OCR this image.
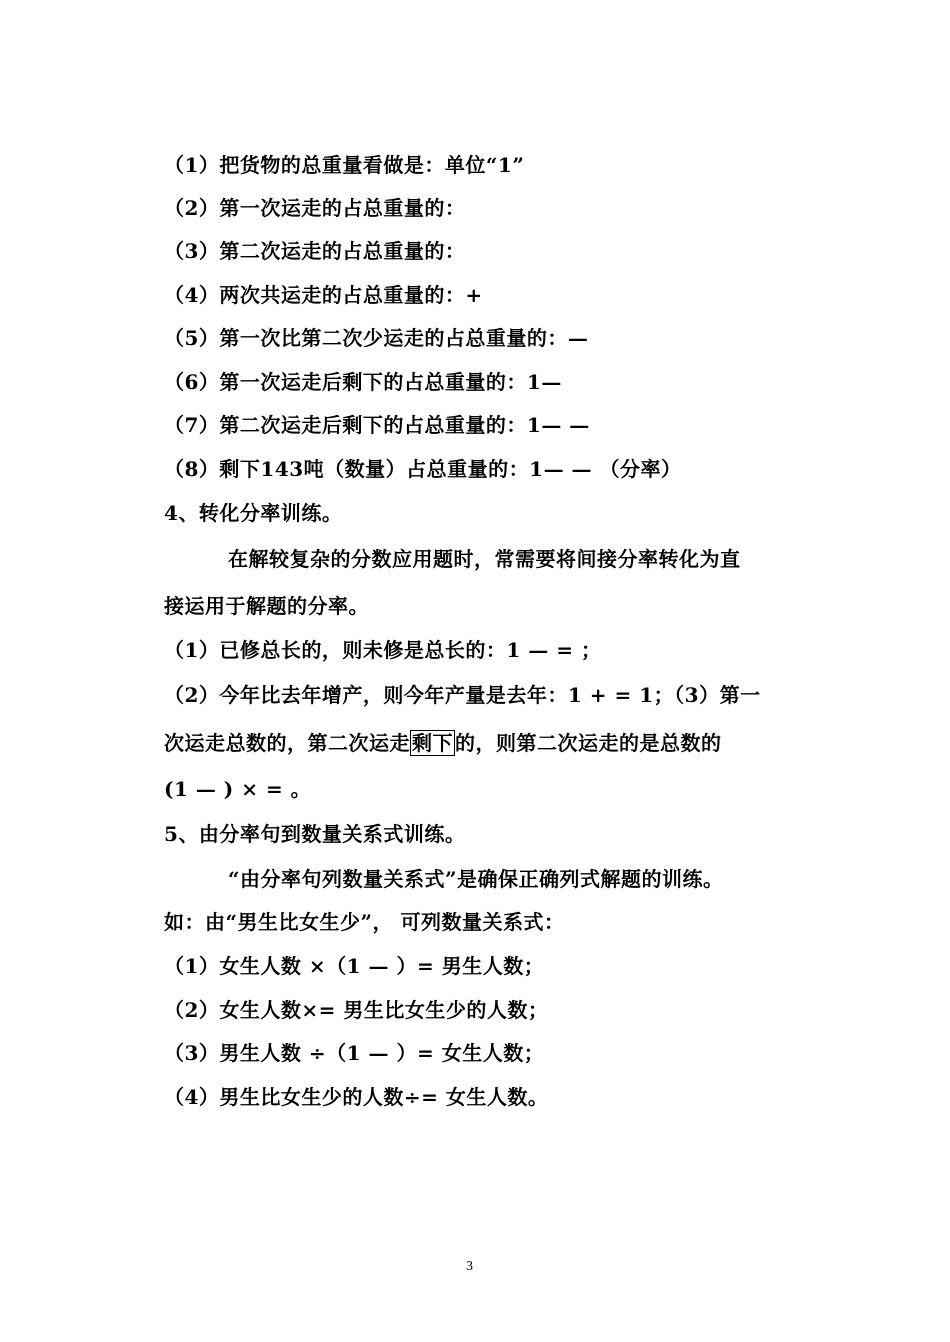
（1）把货物的总重量看做是：单位“1”
（2）第一次运走的占总重量的：
（3）第二次运走的占总重量的：
（4）两次共运走的占总重量的：+
（5）第一次比第二次少运走的占总重量的：—
（6）第一次运走后剩下的占总重量的：1—
（7）第二次运走后剩下的占总重量的：1— —
（8）剩下143吨（数量）占总重量的：1— — （分率）
4、转化分率训练。
在解较复杂的分数应用题时，常需要将间接分率转化为直
接运用于解题的分率。
（1）已修总长的，则未修是总长的：1 — = ；
（2）今年比去年增产，则今年产量是去年：1 + = 1；（3）第一
次运走总数的，第二次运走 剩下 的，则第二次运走的是总数的
(1 — ) × = 。
5、由分率句到数量关系式训练。
“由分率句列数量关系式”是确保正确列式解题的训练。
如：由“男生比女生少”， 可列数量关系式：
（1）女生人数 ×（1 — ）= 男生人数；
（2）女生人数×= 男生比女生少的人数；
（3）男生人数 ÷（1 — ）= 女生人数；
（4）男生比女生少的人数÷= 女生人数。
3
